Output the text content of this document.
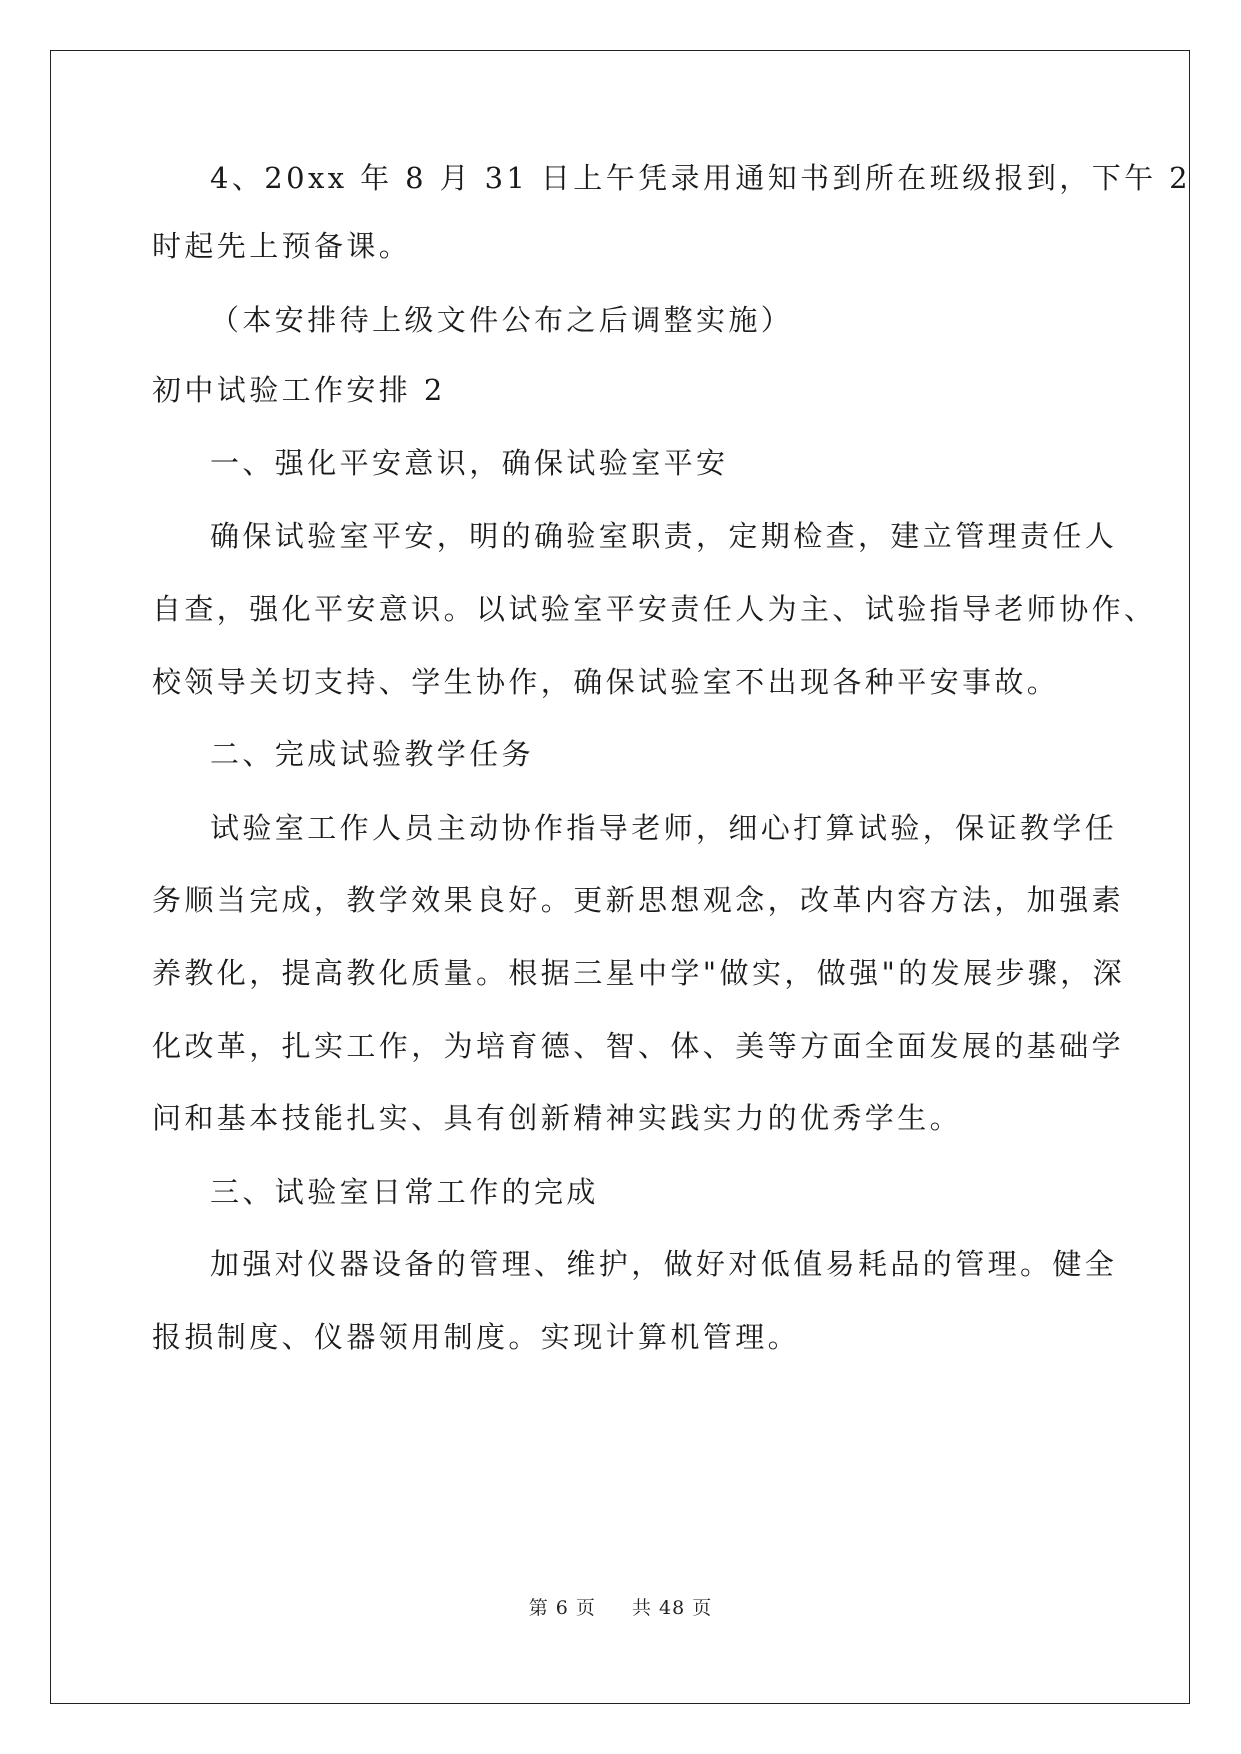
4、20xx 年 8 月 31 日上午凭录用通知书到所在班级报到，下午 2
时起先上预备课。
（本安排待上级文件公布之后调整实施）
初中试验工作安排 2
一、强化平安意识，确保试验室平安
确保试验室平安，明的确验室职责，定期检查，建立管理责任人
自查，强化平安意识。以试验室平安责任人为主、试验指导老师协作、
校领导关切支持、学生协作，确保试验室不出现各种平安事故。
二、完成试验教学任务
试验室工作人员主动协作指导老师，细心打算试验，保证教学任
务顺当完成，教学效果良好。更新思想观念，改革内容方法，加强素
养教化，提高教化质量。根据三星中学"做实，做强"的发展步骤，深
化改革，扎实工作，为培育德、智、体、美等方面全面发展的基础学
问和基本技能扎实、具有创新精神实践实力的优秀学生。
三、试验室日常工作的完成
加强对仪器设备的管理、维护，做好对低值易耗品的管理。健全
报损制度、仪器领用制度。实现计算机管理。
第 6 页 共 48 页
